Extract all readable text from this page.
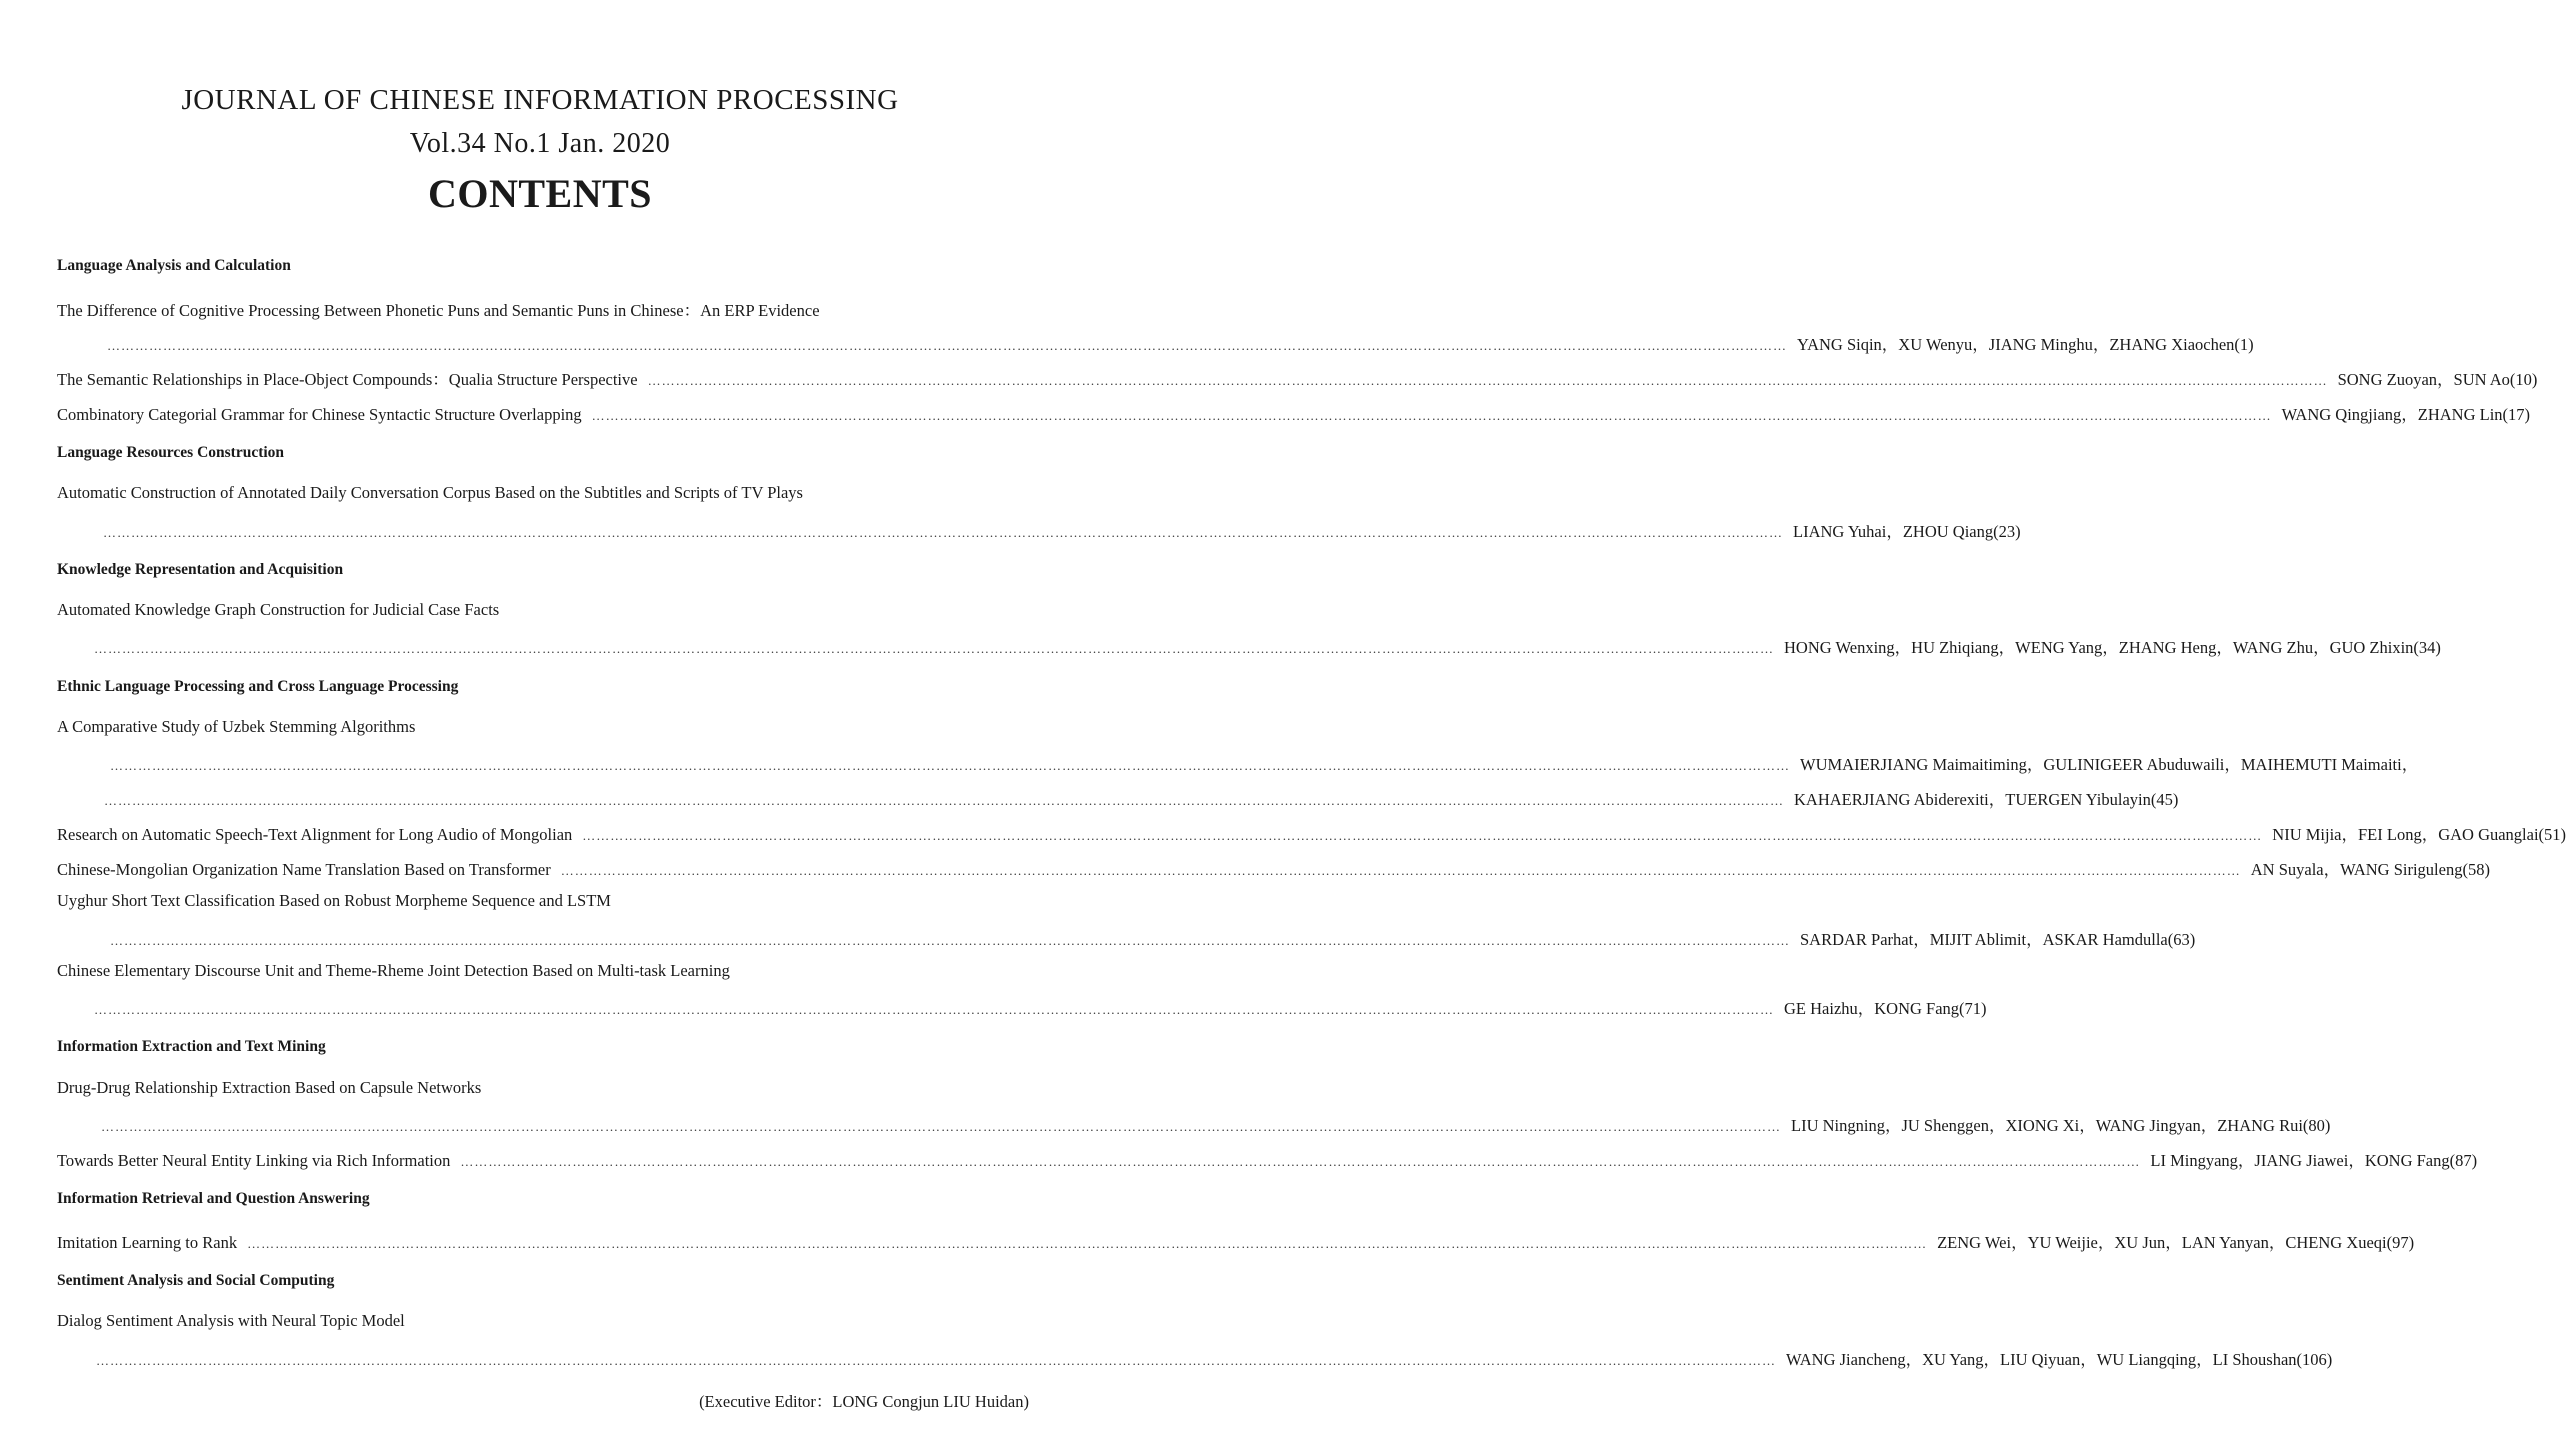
JOURNAL OF CHINESE INFORMATION PROCESSING
Vol.34 No.1 Jan. 2020
CONTENTS
Language Analysis and Calculation
The Difference of Cognitive Processing Between Phonetic Puns and Semantic Puns in Chinese：An ERP Evidence
……………………………………………………………………………………………………………………………………………………………………………………………………………………………………………………………………………………………………………………………… YANG Siqin，XU Wenyu，JIANG Minghu，ZHANG Xiaochen(1)
The Semantic Relationships in Place-Object Compounds：Qualia Structure Perspective ……………………………………………………………………………………………………………………………………………………………………………………………………………………………………………………………………………………………………………………………… SONG Zuoyan，SUN Ao(10)
Combinatory Categorial Grammar for Chinese Syntactic Structure Overlapping ……………………………………………………………………………………………………………………………………………………………………………………………………………………………………………………………………………………………………………………………… WANG Qingjiang，ZHANG Lin(17)
Language Resources Construction
Automatic Construction of Annotated Daily Conversation Corpus Based on the Subtitles and Scripts of TV Plays
……………………………………………………………………………………………………………………………………………………………………………………………………………………………………………………………………………………………………………………………… LIANG Yuhai，ZHOU Qiang(23)
Knowledge Representation and Acquisition
Automated Knowledge Graph Construction for Judicial Case Facts
……………………………………………………………………………………………………………………………………………………………………………………………………………………………………………………………………………………………………………………………… HONG Wenxing，HU Zhiqiang，WENG Yang，ZHANG Heng，WANG Zhu，GUO Zhixin(34)
Ethnic Language Processing and Cross Language Processing
A Comparative Study of Uzbek Stemming Algorithms
……………………………………………………………………………………………………………………………………………………………………………………………………………………………………………………………………………………………………………………………… WUMAIERJIANG Maimaitiming，GULINIGEER Abuduwaili，MAIHEMUTI Maimaiti，
……………………………………………………………………………………………………………………………………………………………………………………………………………………………………………………………………………………………………………………………… KAHAERJIANG Abiderexiti，TUERGEN Yibulayin(45)
Research on Automatic Speech-Text Alignment for Long Audio of Mongolian ……………………………………………………………………………………………………………………………………………………………………………………………………………………………………………………………………………………………………………………………… NIU Mijia，FEI Long，GAO Guanglai(51)
Chinese-Mongolian Organization Name Translation Based on Transformer ……………………………………………………………………………………………………………………………………………………………………………………………………………………………………………………………………………………………………………………………… AN Suyala，WANG Siriguleng(58)
Uyghur Short Text Classification Based on Robust Morpheme Sequence and LSTM
……………………………………………………………………………………………………………………………………………………………………………………………………………………………………………………………………………………………………………………………… SARDAR Parhat，MIJIT Ablimit，ASKAR Hamdulla(63)
Chinese Elementary Discourse Unit and Theme-Rheme Joint Detection Based on Multi-task Learning
……………………………………………………………………………………………………………………………………………………………………………………………………………………………………………………………………………………………………………………………… GE Haizhu，KONG Fang(71)
Information Extraction and Text Mining
Drug-Drug Relationship Extraction Based on Capsule Networks
……………………………………………………………………………………………………………………………………………………………………………………………………………………………………………………………………………………………………………………………… LIU Ningning，JU Shenggen，XIONG Xi，WANG Jingyan，ZHANG Rui(80)
Towards Better Neural Entity Linking via Rich Information ……………………………………………………………………………………………………………………………………………………………………………………………………………………………………………………………………………………………………………………………… LI Mingyang，JIANG Jiawei，KONG Fang(87)
Information Retrieval and Question Answering
Imitation Learning to Rank ……………………………………………………………………………………………………………………………………………………………………………………………………………………………………………………………………………………………………………………………… ZENG Wei，YU Weijie，XU Jun，LAN Yanyan，CHENG Xueqi(97)
Sentiment Analysis and Social Computing
Dialog Sentiment Analysis with Neural Topic Model
……………………………………………………………………………………………………………………………………………………………………………………………………………………………………………………………………………………………………………………………… WANG Jiancheng，XU Yang，LIU Qiyuan，WU Liangqing，LI Shoushan(106)
(Executive Editor：LONG Congjun LIU Huidan)
